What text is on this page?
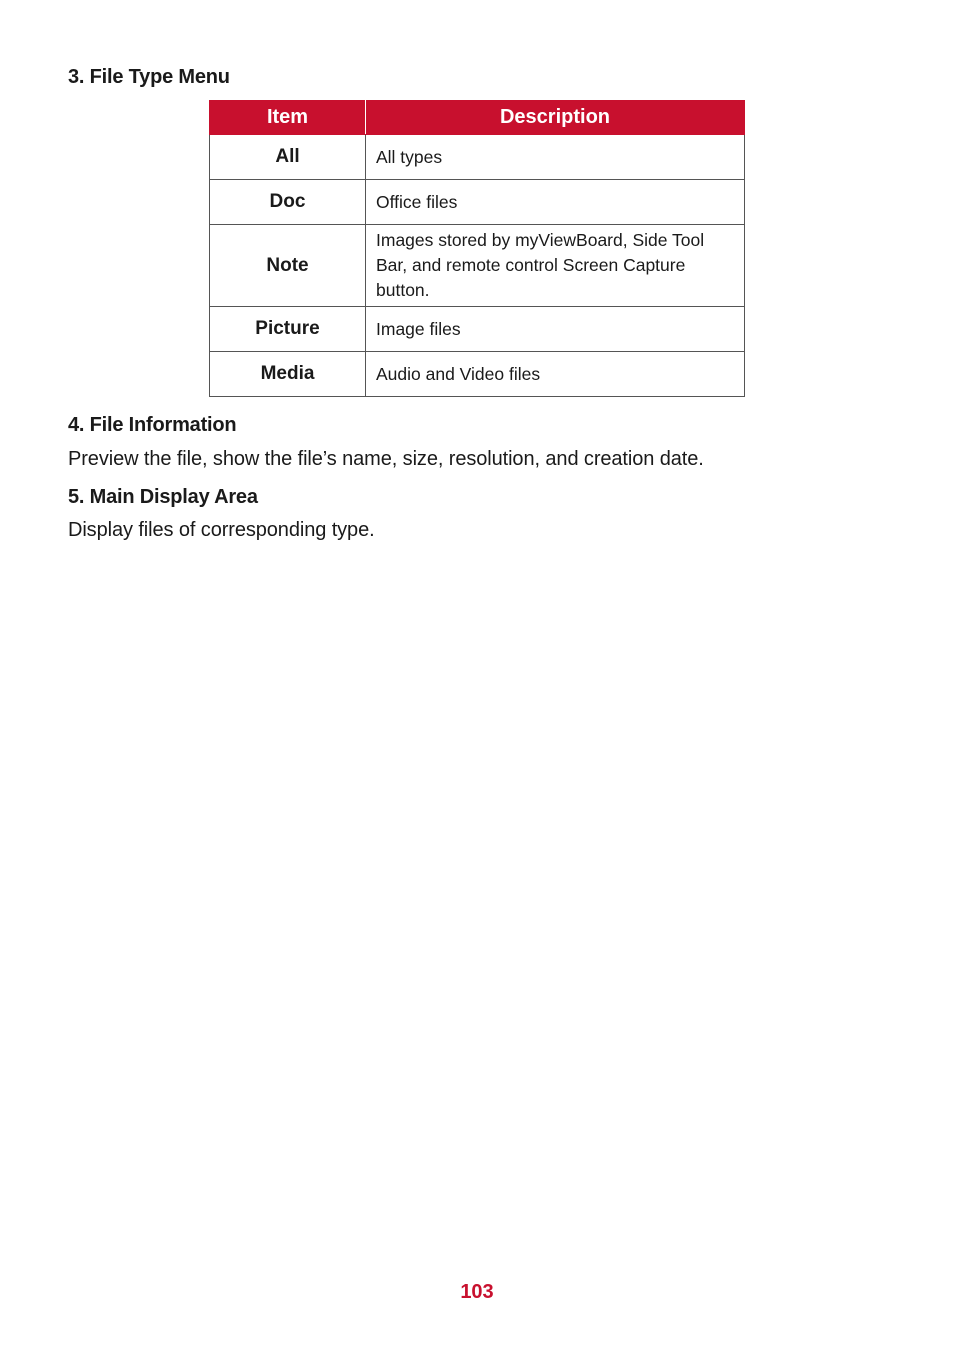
3. File Type Menu
Item	Description
All	All types
Doc	Office files
Note	Images stored by myViewBoard, Side Tool Bar, and remote control Screen Capture button.
Picture	Image files
Media	Audio and Video files
4. File Information

Preview the file, show the file’s name, size, resolution, and creation date.

5. Main Display Area

Display files of corresponding type.

103
